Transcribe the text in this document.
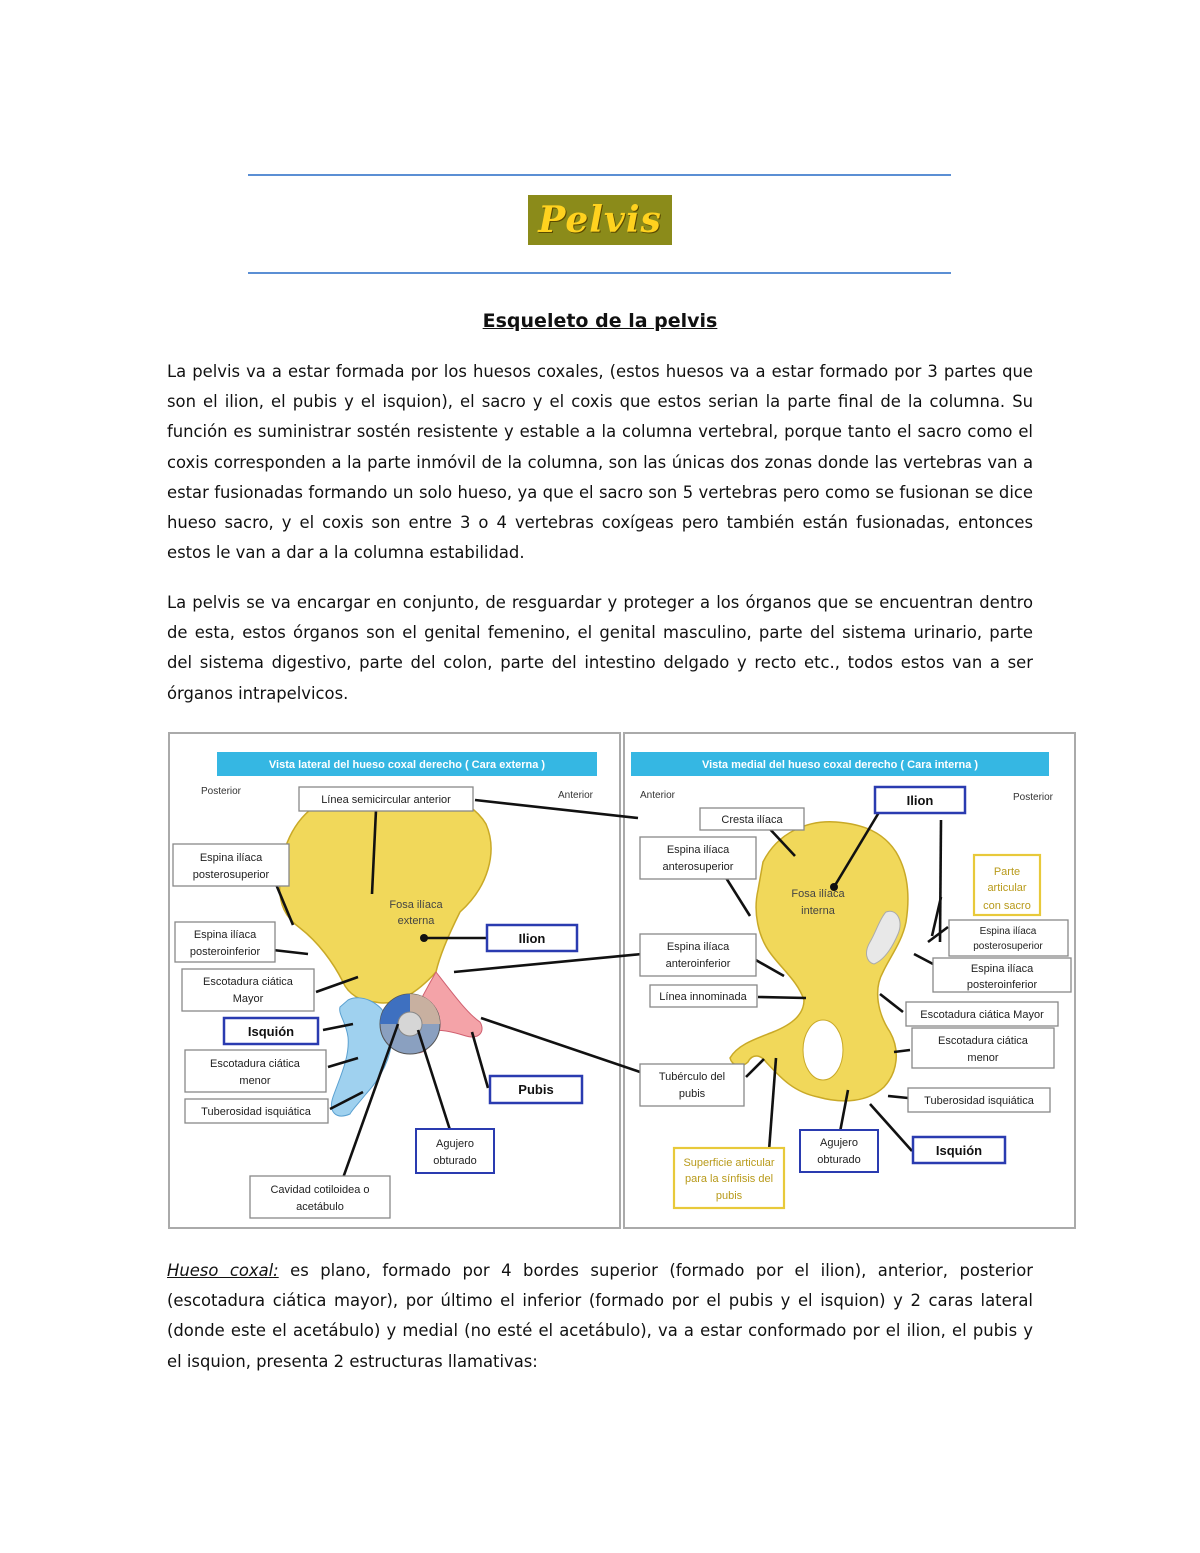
Pelvis
Esqueleto de la pelvis

La pelvis va a estar formada por los huesos coxales, (estos huesos va a estar formado por 3 partes que son el ilion, el pubis y el isquion), el sacro y el coxis que estos serian la parte final de la columna. Su función es suministrar sostén resistente y estable a la columna vertebral, porque tanto el sacro como el coxis corresponden a la parte inmóvil de la columna, son las únicas dos zonas donde las vertebras van a estar fusionadas formando un solo hueso, ya que el sacro son 5 vertebras pero como se fusionan se dice hueso sacro, y el coxis son entre 3 o 4 vertebras coxígeas pero también están fusionadas, entonces estos le van a dar a la columna estabilidad.

La pelvis se va encargar en conjunto, de resguardar y proteger a los órganos que se encuentran dentro de esta, estos órganos son el genital femenino, el genital masculino, parte del sistema urinario, parte del sistema digestivo, parte del colon, parte del intestino delgado y recto etc., todos estos van a ser órganos intrapelvicos.

Vista lateral del hueso coxal derecho ( Cara externa )
Posterior	Anterior
Línea semicircular anterior
Espina ilíaca
posterosuperior
Espina ilíaca
posteroinferior
Escotadura ciática
Mayor
Isquión
Escotadura ciática
menor
Tuberosidad isquiática
Fosa ilíaca
externa
Ilion
Pubis
Agujero
obturado
Cavidad cotiloidea o
acetábulo
Vista medial del hueso coxal derecho ( Cara interna )
Anterior	Posterior
Ilion
Cresta ilíaca
Espina ilíaca
anterosuperior
Fosa ilíaca
interna
Parte
articular
con sacro
Espina ilíaca
posterosuperior
Espina ilíaca
anteroinferior	Espina ilíaca
posteroinferior
Línea innominada
Escotadura ciática Mayor
Escotadura ciática
menor
Tubérculo del
pubis
Tuberosidad isquiática
Agujero
obturado
Isquión
Superficie articular
para la sínfisis del
pubis

Hueso coxal: es plano, formado por 4 bordes superior (formado por el ilion), anterior, posterior (escotadura ciática mayor), por último el inferior (formado por el pubis y el isquion) y 2 caras lateral (donde este el acetábulo) y medial (no esté el acetábulo), va a estar conformado por el ilion, el pubis y el isquion, presenta 2 estructuras llamativas:
